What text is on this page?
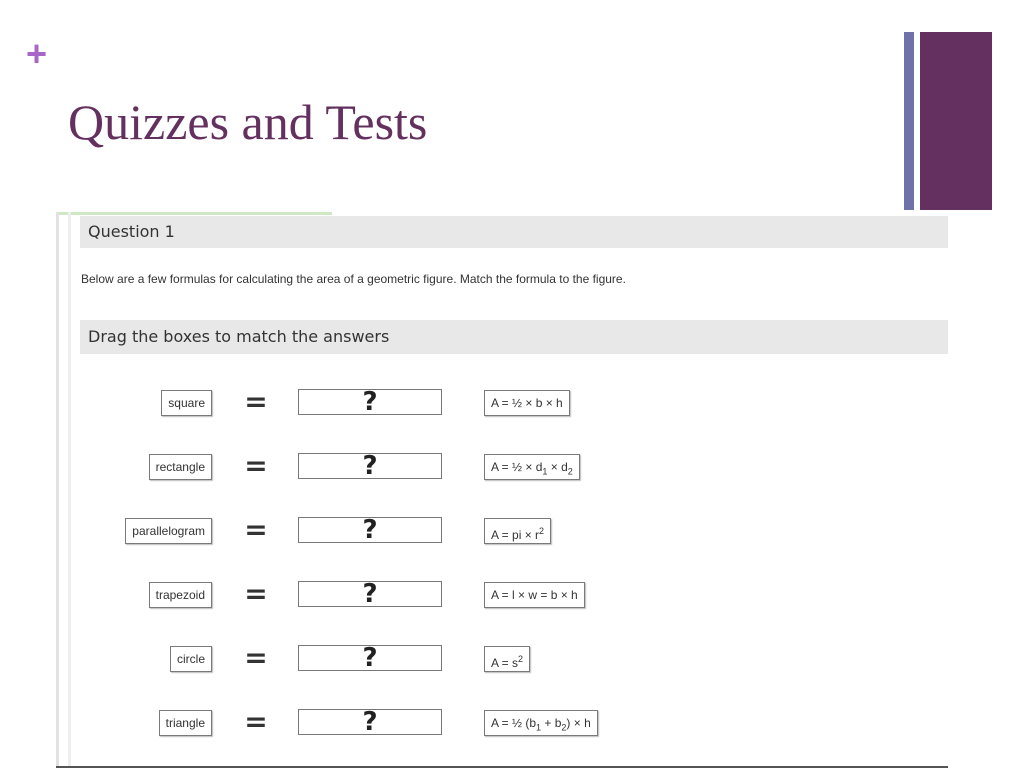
+
Quizzes and Tests
Question 1

Below are a few formulas for calculating the area of a geometric figure. Match the formula to the figure.

Drag the boxes to match the answers
square =	?	A = ½ × b × h
rectangle =	?	A = ½ × $d_1 \times d_2$
parallelogram =	?	A = pi × $r^2$
trapezoid =	?	A = l × w = b × h
circle =	?	$A = s^2$
triangle =	?	A = ½ $(b_1 + b_2) \times h$
